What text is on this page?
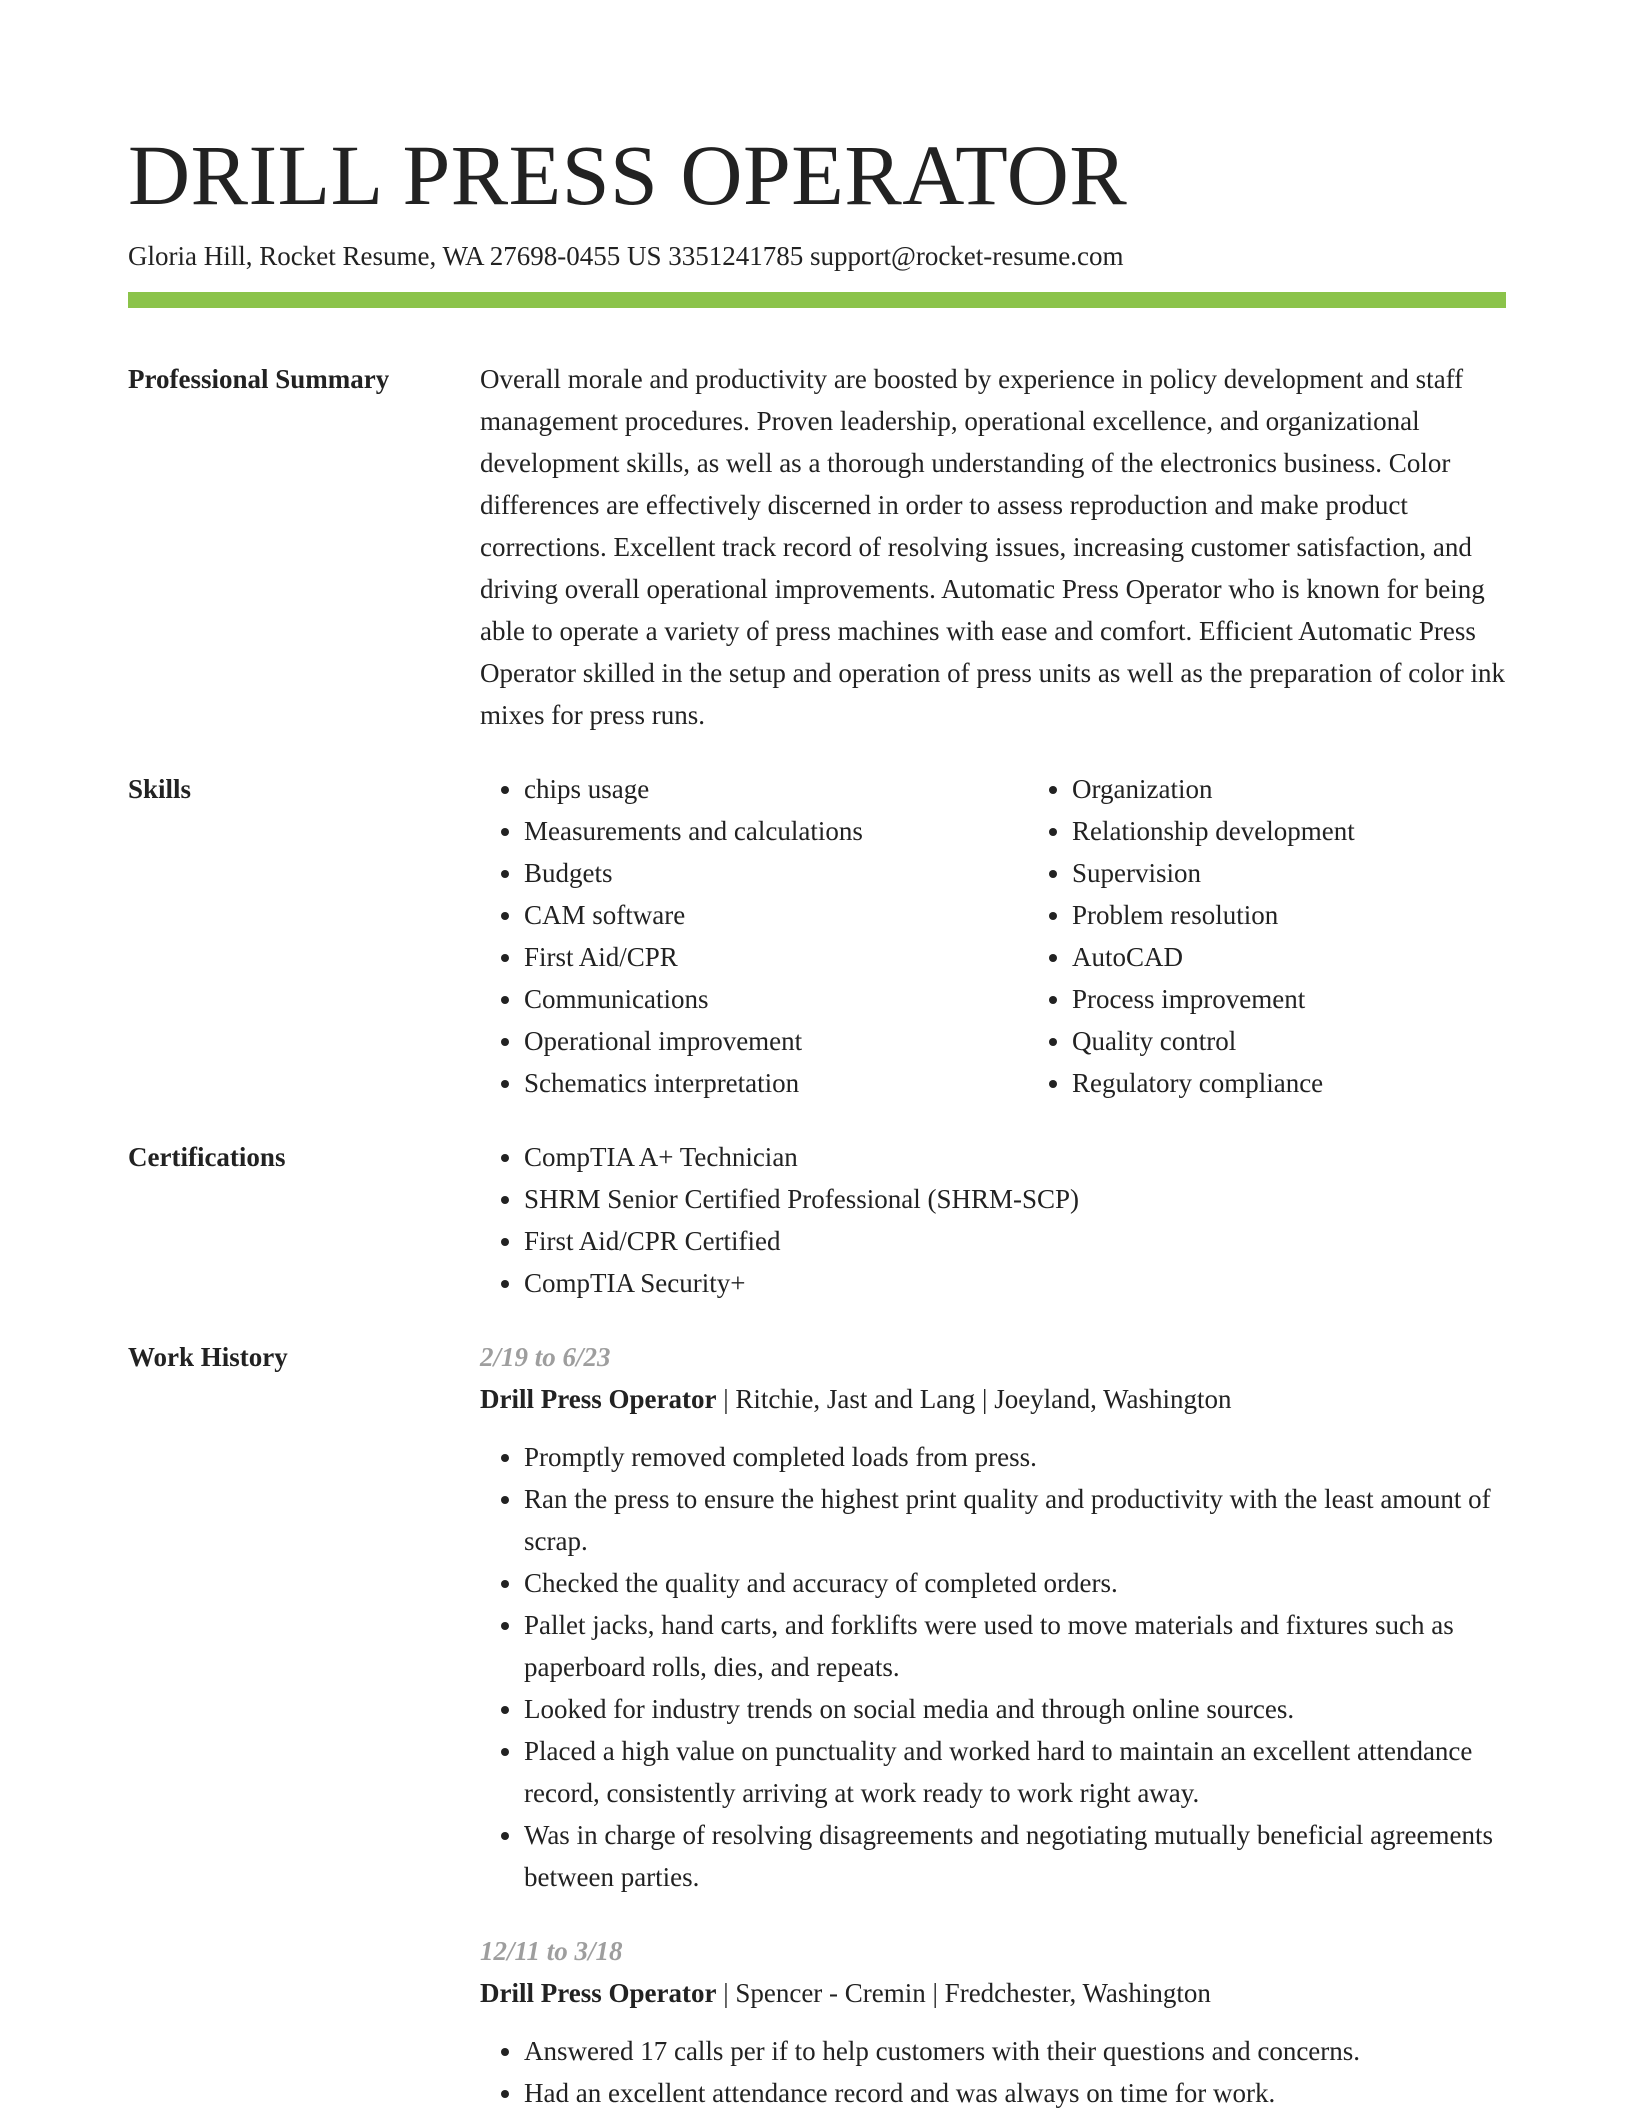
DRILL PRESS OPERATOR
Gloria Hill, Rocket Resume, WA 27698-0455 US 3351241785 support@rocket-resume.com
Professional Summary	Overall morale and productivity are boosted by experience in policy development and staff management procedures. Proven leadership, operational excellence, and organizational development skills, as well as a thorough understanding of the electronics business. Color differences are effectively discerned in order to assess reproduction and make product corrections. Excellent track record of resolving issues, increasing customer satisfaction, and driving overall operational improvements. Automatic Press Operator who is known for being able to operate a variety of press machines with ease and comfort. Efficient Automatic Press Operator skilled in the setup and operation of press units as well as the preparation of color ink mixes for press runs.

Skills	• chips usage
• Measurements and calculations
• Budgets
• CAM software
• First Aid/CPR
• Communications
• Operational improvement
• Schematics interpretation
• Organization
• Relationship development
• Supervision
• Problem resolution
• AutoCAD
• Process improvement
• Quality control
• Regulatory compliance
Certifications	• CompTIA A+ Technician
• SHRM Senior Certified Professional (SHRM-SCP)
• First Aid/CPR Certified
• CompTIA Security+
Work History	2/19 to 6/23
Drill Press Operator | Ritchie, Jast and Lang | Joeyland, Washington
• Promptly removed completed loads from press.
• Ran the press to ensure the highest print quality and productivity with the least amount of scrap.
• Checked the quality and accuracy of completed orders.
• Pallet jacks, hand carts, and forklifts were used to move materials and fixtures such as paperboard rolls, dies, and repeats.
• Looked for industry trends on social media and through online sources.
• Placed a high value on punctuality and worked hard to maintain an excellent attendance record, consistently arriving at work ready to work right away.
• Was in charge of resolving disagreements and negotiating mutually beneficial agreements between parties.
12/11 to 3/18
Drill Press Operator | Spencer - Cremin | Fredchester, Washington
• Answered 17 calls per if to help customers with their questions and concerns.
• Had an excellent attendance record and was always on time for work.
